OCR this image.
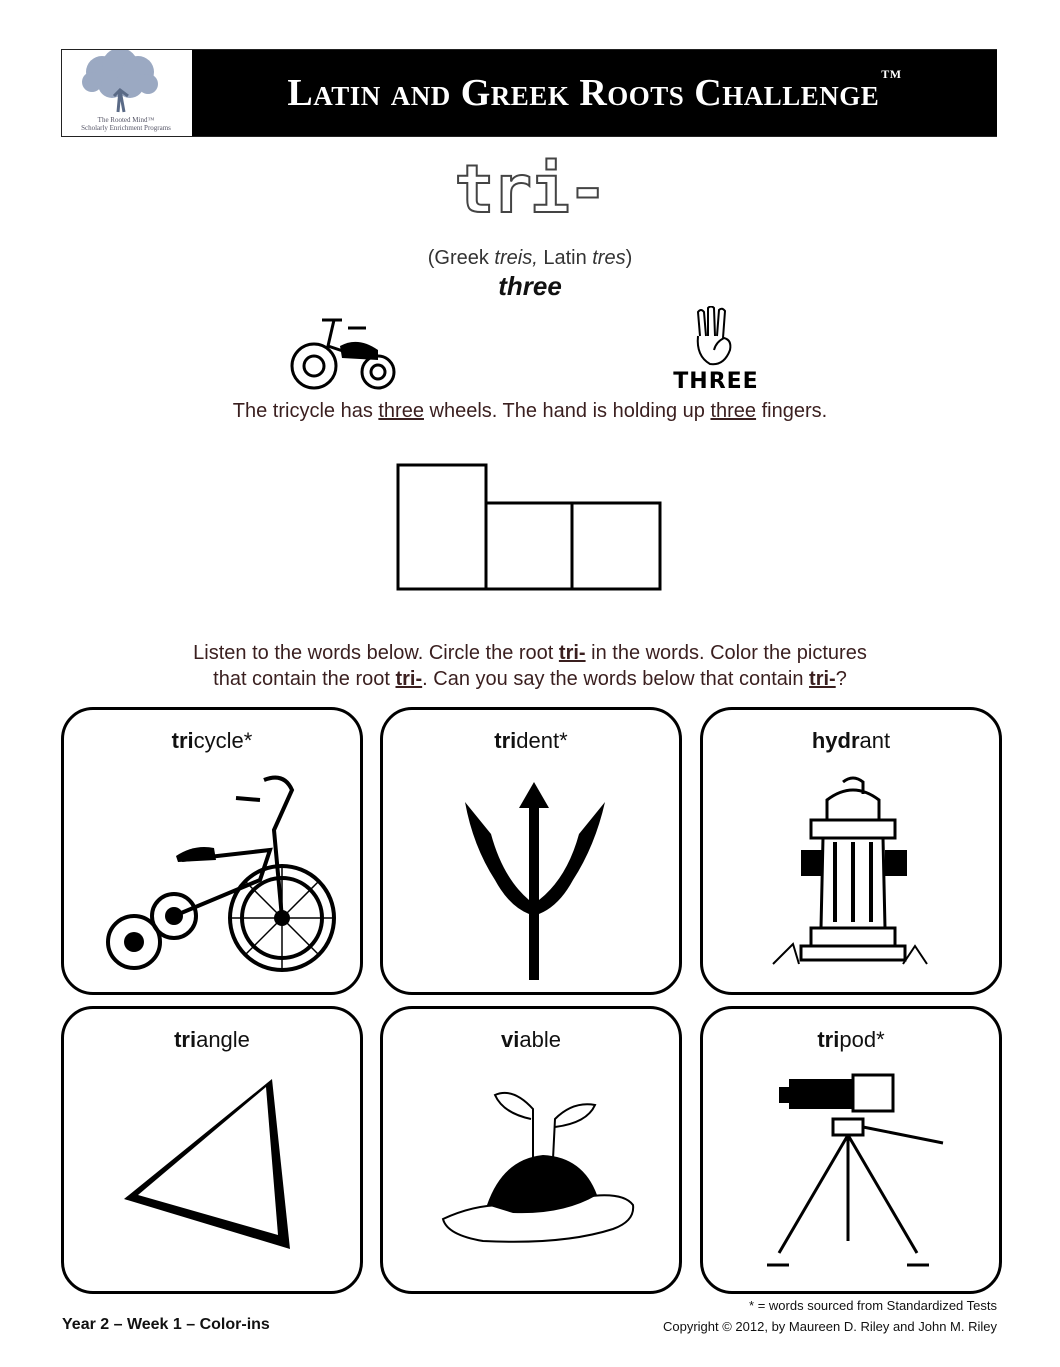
The Rooted Mind™
Scholarly Enrichment Programs
Latin and Greek Roots Challenge ™
tri-
(Greek treis, Latin tres)
three
THREE
The tricycle has three wheels. The hand is holding up three fingers.
Listen to the words below. Circle the root tri- in the words. Color the pictures
that contain the root tri-. Can you say the words below that contain tri-?
tricycle*	trident*	hydrant
triangle	viable	tripod*
Year 2 – Week 1 – Color-ins
* = words sourced from Standardized Tests
Copyright © 2012, by Maureen D. Riley and John M. Riley
